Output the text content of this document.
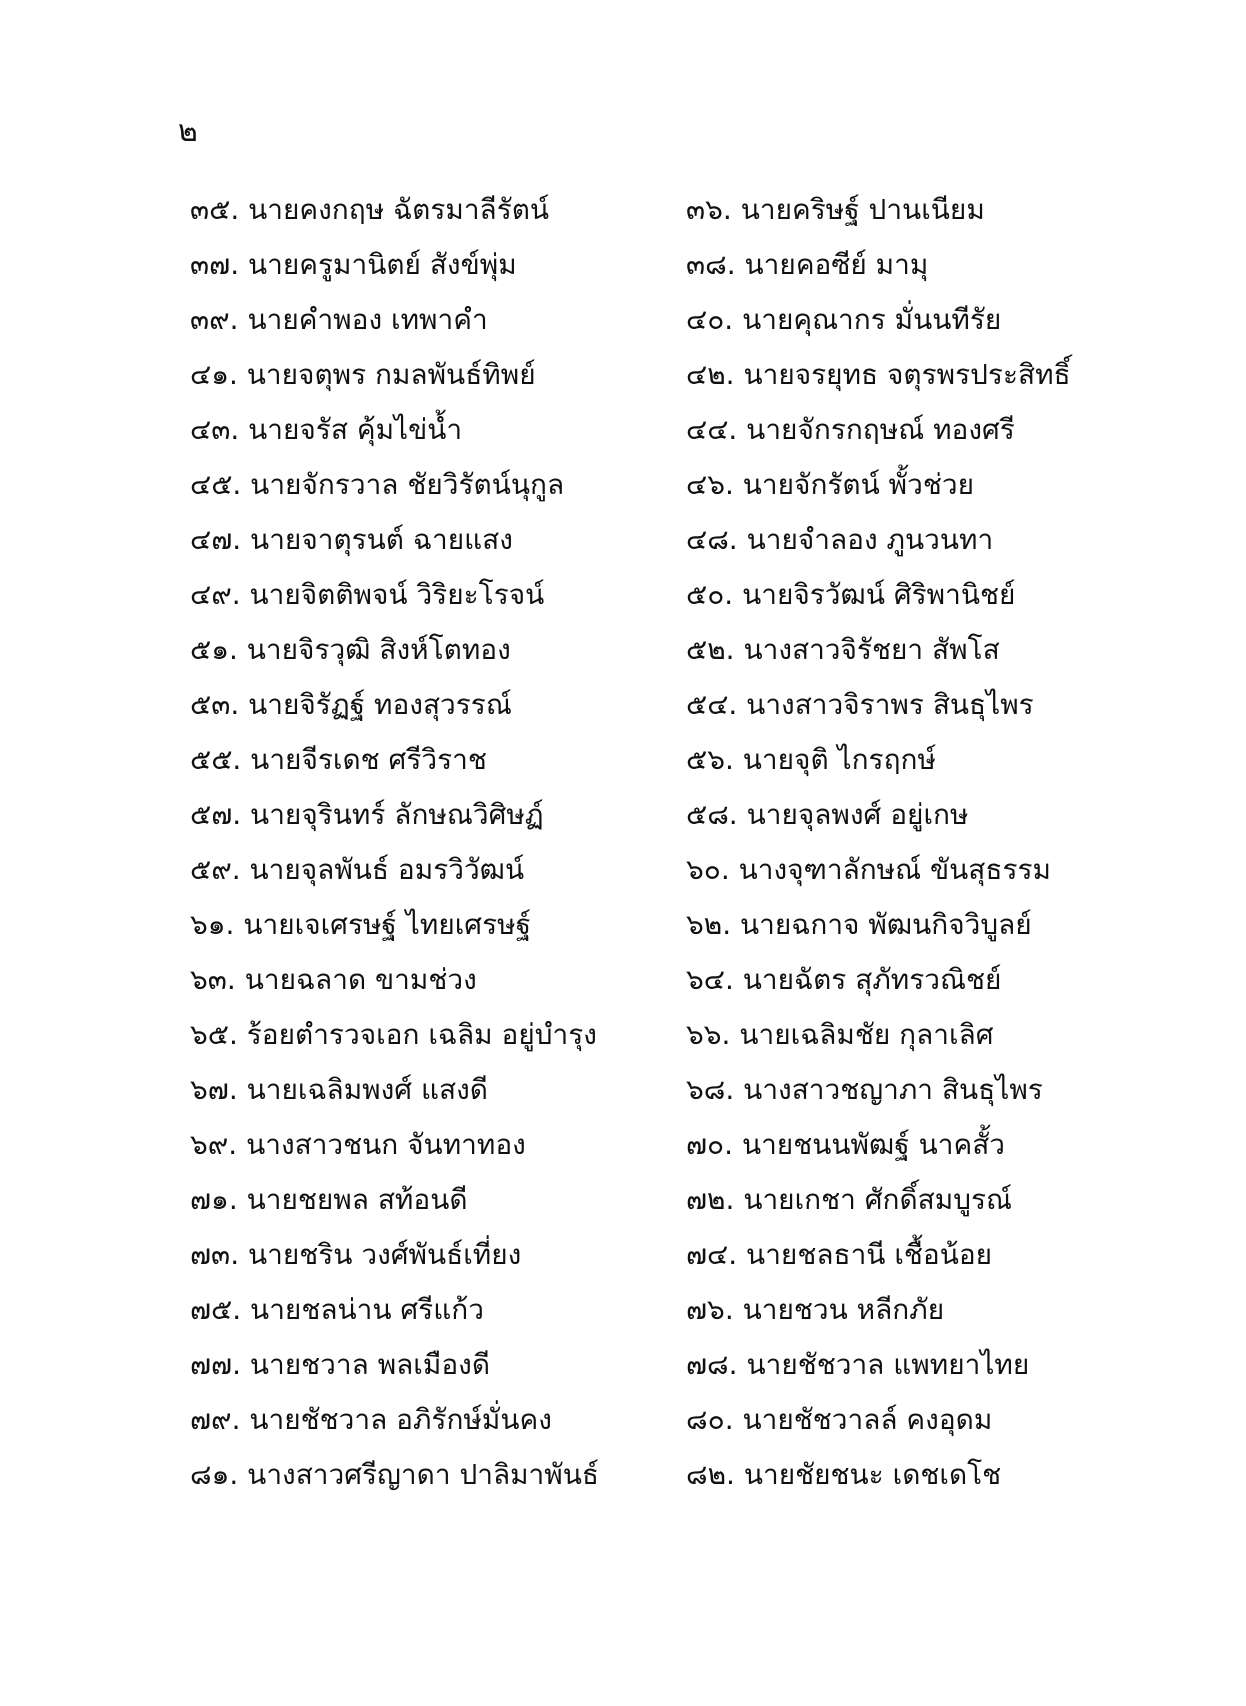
๒
๓๕. นายคงกฤษ ฉัตรมาลีรัตน์	๓๖. นายคริษฐ์ ปานเนียม
๓๗. นายครูมานิตย์ สังข์พุ่ม	๓๘. นายคอซีย์ มามุ
๓๙. นายคำพอง เทพาคำ	๔๐. นายคุณากร มั่นนทีรัย
๔๑. นายจตุพร กมลพันธ์ทิพย์	๔๒. นายจรยุทธ จตุรพรประสิทธิ์
๔๓. นายจรัส คุ้มไข่น้ำ	๔๔. นายจักรกฤษณ์ ทองศรี
๔๕. นายจักรวาล ชัยวิรัตน์นุกูล	๔๖. นายจักรัตน์ พั้วช่วย
๔๗. นายจาตุรนต์ ฉายแสง	๔๘. นายจำลอง ภูนวนทา
๔๙. นายจิตติพจน์ วิริยะโรจน์	๕๐. นายจิรวัฒน์ ศิริพานิชย์
๕๑. นายจิรวุฒิ สิงห์โตทอง	๕๒. นางสาวจิรัชยา สัพโส
๕๓. นายจิรัฏฐ์ ทองสุวรรณ์	๕๔. นางสาวจิราพร สินธุไพร
๕๕. นายจีรเดช ศรีวิราช	๕๖. นายจุติ ไกรฤกษ์
๕๗. นายจุรินทร์ ลักษณวิศิษฏ์	๕๘. นายจุลพงศ์ อยู่เกษ
๕๙. นายจุลพันธ์ อมรวิวัฒน์	๖๐. นางจุฑาลักษณ์ ขันสุธรรม
๖๑. นายเจเศรษฐ์ ไทยเศรษฐ์	๖๒. นายฉกาจ พัฒนกิจวิบูลย์
๖๓. นายฉลาด ขามช่วง	๖๔. นายฉัตร สุภัทรวณิชย์
๖๕. ร้อยตำรวจเอก เฉลิม อยู่บำรุง	๖๖. นายเฉลิมชัย กุลาเลิศ
๖๗. นายเฉลิมพงศ์ แสงดี	๖๘. นางสาวชญาภา สินธุไพร
๖๙. นางสาวชนก จันทาทอง	๗๐. นายชนนพัฒฐ์ นาคสั้ว
๗๑. นายชยพล สท้อนดี	๗๒. นายเกชา ศักดิ์สมบูรณ์
๗๓. นายชริน วงศ์พันธ์เที่ยง	๗๔. นายชลธานี เชื้อน้อย
๗๕. นายชลน่าน ศรีแก้ว	๗๖. นายชวน หลีกภัย
๗๗. นายชวาล พลเมืองดี	๗๘. นายชัชวาล แพทยาไทย
๗๙. นายชัชวาล อภิรักษ์มั่นคง	๘๐. นายชัชวาลล์ คงอุดม
๘๑. นางสาวศรีญาดา ปาลิมาพันธ์	๘๒. นายชัยชนะ เดชเดโช
